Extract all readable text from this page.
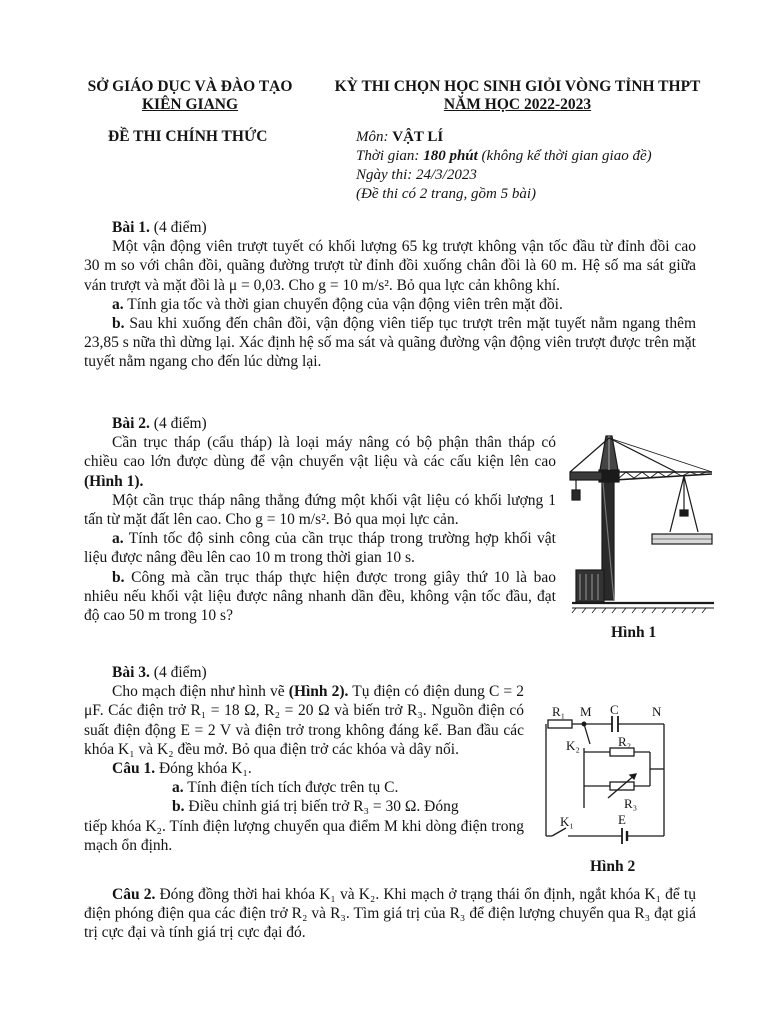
SỞ GIÁO DỤC VÀ ĐÀO TẠO
KIÊN GIANG
KỲ THI CHỌN HỌC SINH GIỎI VÒNG TỈNH THPT
NĂM HỌC 2022-2023
ĐỀ THI CHÍNH THỨC	Môn: VẬT LÍ
Thời gian: 180 phút (không kể thời gian giao đề)
Ngày thi: 24/3/2023
(Đề thi có 2 trang, gồm 5 bài)

Bài 1. (4 điểm)

Một vận động viên trượt tuyết có khối lượng 65 kg trượt không vận tốc đầu từ đỉnh đồi cao 30 m so với chân đồi, quãng đường trượt từ đỉnh đồi xuống chân đồi là 60 m. Hệ số ma sát giữa ván trượt và mặt đồi là μ = 0,03. Cho g = 10 m/s². Bỏ qua lực cản không khí.

a. Tính gia tốc và thời gian chuyển động của vận động viên trên mặt đồi.

b. Sau khi xuống đến chân đồi, vận động viên tiếp tục trượt trên mặt tuyết nằm ngang thêm 23,85 s nữa thì dừng lại. Xác định hệ số ma sát và quãng đường vận động viên trượt được trên mặt tuyết nằm ngang cho đến lúc dừng lại.

Bài 2. (4 điểm)

Cần trục tháp (cẩu tháp) là loại máy nâng có bộ phận thân tháp có chiều cao lớn được dùng để vận chuyển vật liệu và các cấu kiện lên cao (Hình 1).

Một cần trục tháp nâng thẳng đứng một khối vật liệu có khối lượng 1 tấn từ mặt đất lên cao. Cho g = 10 m/s². Bỏ qua mọi lực cản.

a. Tính tốc độ sinh công của cần trục tháp trong trường hợp khối vật liệu được nâng đều lên cao 10 m trong thời gian 10 s.

b. Công mà cần trục tháp thực hiện được trong giây thứ 10 là bao nhiêu nếu khối vật liệu được nâng nhanh dần đều, không vận tốc đầu, đạt độ cao 50 m trong 10 s?

Hình 1

Bài 3. (4 điểm)

Cho mạch điện như hình vẽ (Hình 2). Tụ điện có điện dung C = 2 μF. Các điện trở R₁ = 18 Ω, R₂ = 20 Ω và biến trở R₃. Nguồn điện có suất điện động E = 2 V và điện trở trong không đáng kể. Ban đầu các khóa K₁ và K₂ đều mở. Bỏ qua điện trở các khóa và dây nối.

Câu 1. Đóng khóa K₁.

a. Tính điện tích tích được trên tụ C.

b. Điều chỉnh giá trị biến trở R₃ = 30 Ω. Đóng

tiếp khóa K₂. Tính điện lượng chuyển qua điểm M khi dòng điện trong mạch ổn định.

Câu 2. Đóng đồng thời hai khóa K₁ và K₂. Khi mạch ở trạng thái ổn định, ngắt khóa K₁ để tụ điện phóng điện qua các điện trở R₂ và R₃. Tìm giá trị của R₃ để điện lượng chuyển qua R₃ đạt giá trị cực đại và tính giá trị cực đại đó.

R₁ M C	N
K₂	R₂
R₃
K₁	E
Hình 2
